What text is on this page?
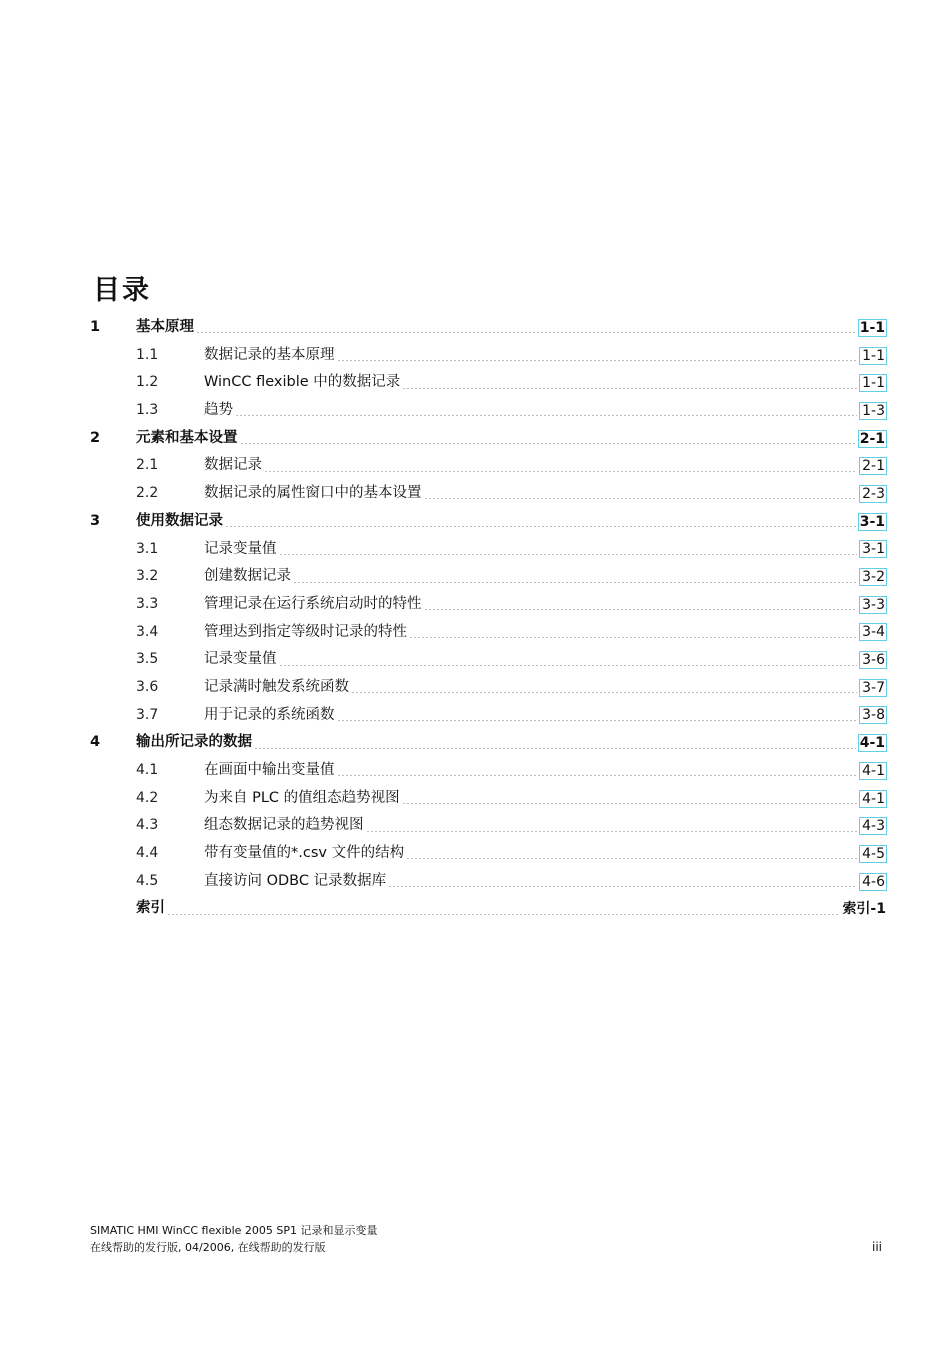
目录
1 基本原理	1-1
1.1	数据记录的基本原理	1-1
1.2	WinCC flexible 中的数据记录	1-1
1.3	趋势	1-3
2 元素和基本设置	2-1
2.1	数据记录	2-1
2.2	数据记录的属性窗口中的基本设置	2-3
3 使用数据记录	3-1
3.1	记录变量值	3-1
3.2	创建数据记录	3-2
3.3	管理记录在运行系统启动时的特性	3-3
3.4	管理达到指定等级时记录的特性	3-4
3.5	记录变量值	3-6
3.6	记录满时触发系统函数	3-7
3.7	用于记录的系统函数	3-8
4 输出所记录的数据	4-1
4.1	在画面中输出变量值	4-1
4.2	为来自 PLC 的值组态趋势视图	4-1
4.3	组态数据记录的趋势视图	4-3
4.4	带有变量值的*.csv 文件的结构	4-5
4.5	直接访问 ODBC 记录数据库	4-6
索引	索引-1
SIMATIC HMI WinCC flexible 2005 SP1 记录和显示变量
在线帮助的发行版, 04/2006, 在线帮助的发行版	iii
